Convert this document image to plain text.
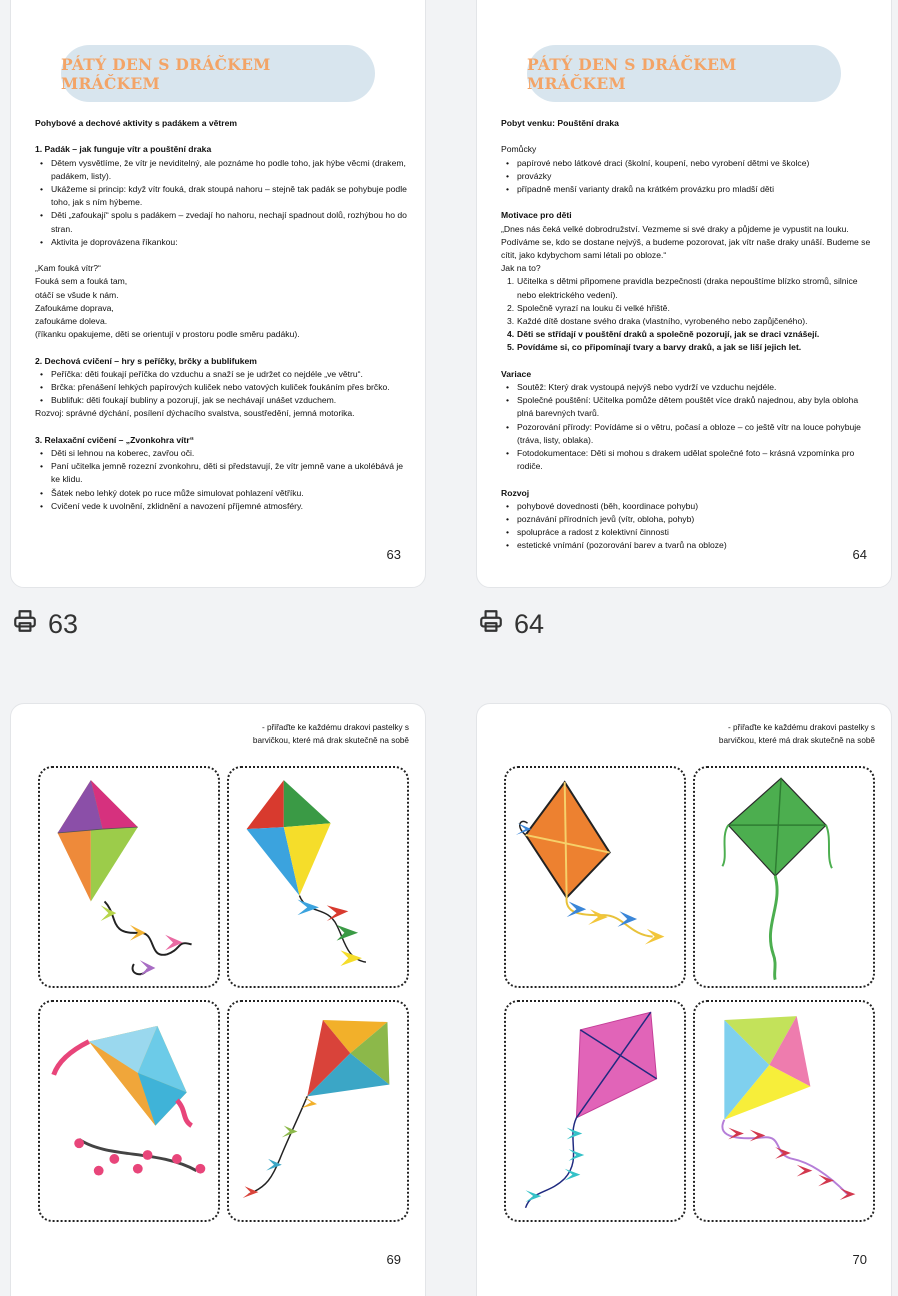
PÁTÝ DEN S DRÁČKEM MRÁČKEM
Pohybové a dechové aktivity s padákem a větrem
1. Padák – jak funguje vítr a pouštění draka
• Dětem vysvětlíme, že vítr je neviditelný, ale poznáme ho podle toho, jak hýbe věcmi (drakem, padákem, listy).
• Ukážeme si princip: když vítr fouká, drak stoupá nahoru – stejně tak padák se pohybuje podle toho, jak s ním hýbeme.
• Děti „zafoukají“ spolu s padákem – zvedají ho nahoru, nechají spadnout dolů, rozhýbou ho do stran.
• Aktivita je doprovázena říkankou:
„Kam fouká vítr?“
Fouká sem a fouká tam,
otáčí se všude k nám.
Zafoukáme doprava,
zafoukáme doleva.
(říkanku opakujeme, děti se orientují v prostoru podle směru padáku).
2. Dechová cvičení – hry s peříčky, brčky a bublifukem
• Peříčka: děti foukají peříčka do vzduchu a snaží se je udržet co nejdéle „ve větru“.
• Brčka: přenášení lehkých papírových kuliček nebo vatových kuliček foukáním přes brčko.
• Bublifuk: děti foukají bubliny a pozorují, jak se nechávají unášet vzduchem.
Rozvoj: správné dýchání, posílení dýchacího svalstva, soustředění, jemná motorika.
3. Relaxační cvičení – „Zvonkohra vítr“
• Děti si lehnou na koberec, zavřou oči.
• Paní učitelka jemně rozezní zvonkohru, děti si představují, že vítr jemně vane a ukolébává je ke klidu.
• Šátek nebo lehký dotek po ruce může simulovat pohlazení větříku.
• Cvičení vede k uvolnění, zklidnění a navození příjemné atmosféry.
63
PÁTÝ DEN S DRÁČKEM MRÁČKEM
Pobyt venku: Pouštění draka
Pomůcky
• papírové nebo látkové draci (školní, koupení, nebo vyrobení dětmi ve školce)
• provázky
• případně menší varianty draků na krátkém provázku pro mladší děti
Motivace pro děti
„Dnes nás čeká velké dobrodružství. Vezmeme si své draky a půjdeme je vypustit na louku. Podíváme se, kdo se dostane nejvýš, a budeme pozorovat, jak vítr naše draky unáší. Budeme se cítit, jako kdybychom sami létali po obloze.“
Jak na to?
1. Učitelka s dětmi připomene pravidla bezpečnosti (draka nepouštíme blízko stromů, silnice nebo elektrického vedení).
2. Společně vyrazí na louku či velké hřiště.
3. Každé dítě dostane svého draka (vlastního, vyrobeného nebo zapůjčeného).
4. Děti se střídají v pouštění draků a společně pozorují, jak se draci vznášejí.
5. Povídáme si, co připomínají tvary a barvy draků, a jak se liší jejich let.
Variace
• Soutěž: Který drak vystoupá nejvýš nebo vydrží ve vzduchu nejdéle.
• Společné pouštění: Učitelka pomůže dětem pouštět více draků najednou, aby byla obloha plná barevných tvarů.
• Pozorování přírody: Povídáme si o větru, počasí a obloze – co ještě vítr na louce pohybuje (tráva, listy, oblaka).
• Fotodokumentace: Děti si mohou s drakem udělat společné foto – krásná vzpomínka pro rodiče.
Rozvoj
• pohybové dovednosti (běh, koordinace pohybu)
• poznávání přírodních jevů (vítr, obloha, pohyb)
• spolupráce a radost z kolektivní činnosti
• estetické vnímání (pozorování barev a tvarů na obloze)
64
63	64
- přiřaďte ke každému drakovi pastelky s barvičkou, které má drak skutečně na sobě
69
- přiřaďte ke každému drakovi pastelky s barvičkou, které má drak skutečně na sobě
70
